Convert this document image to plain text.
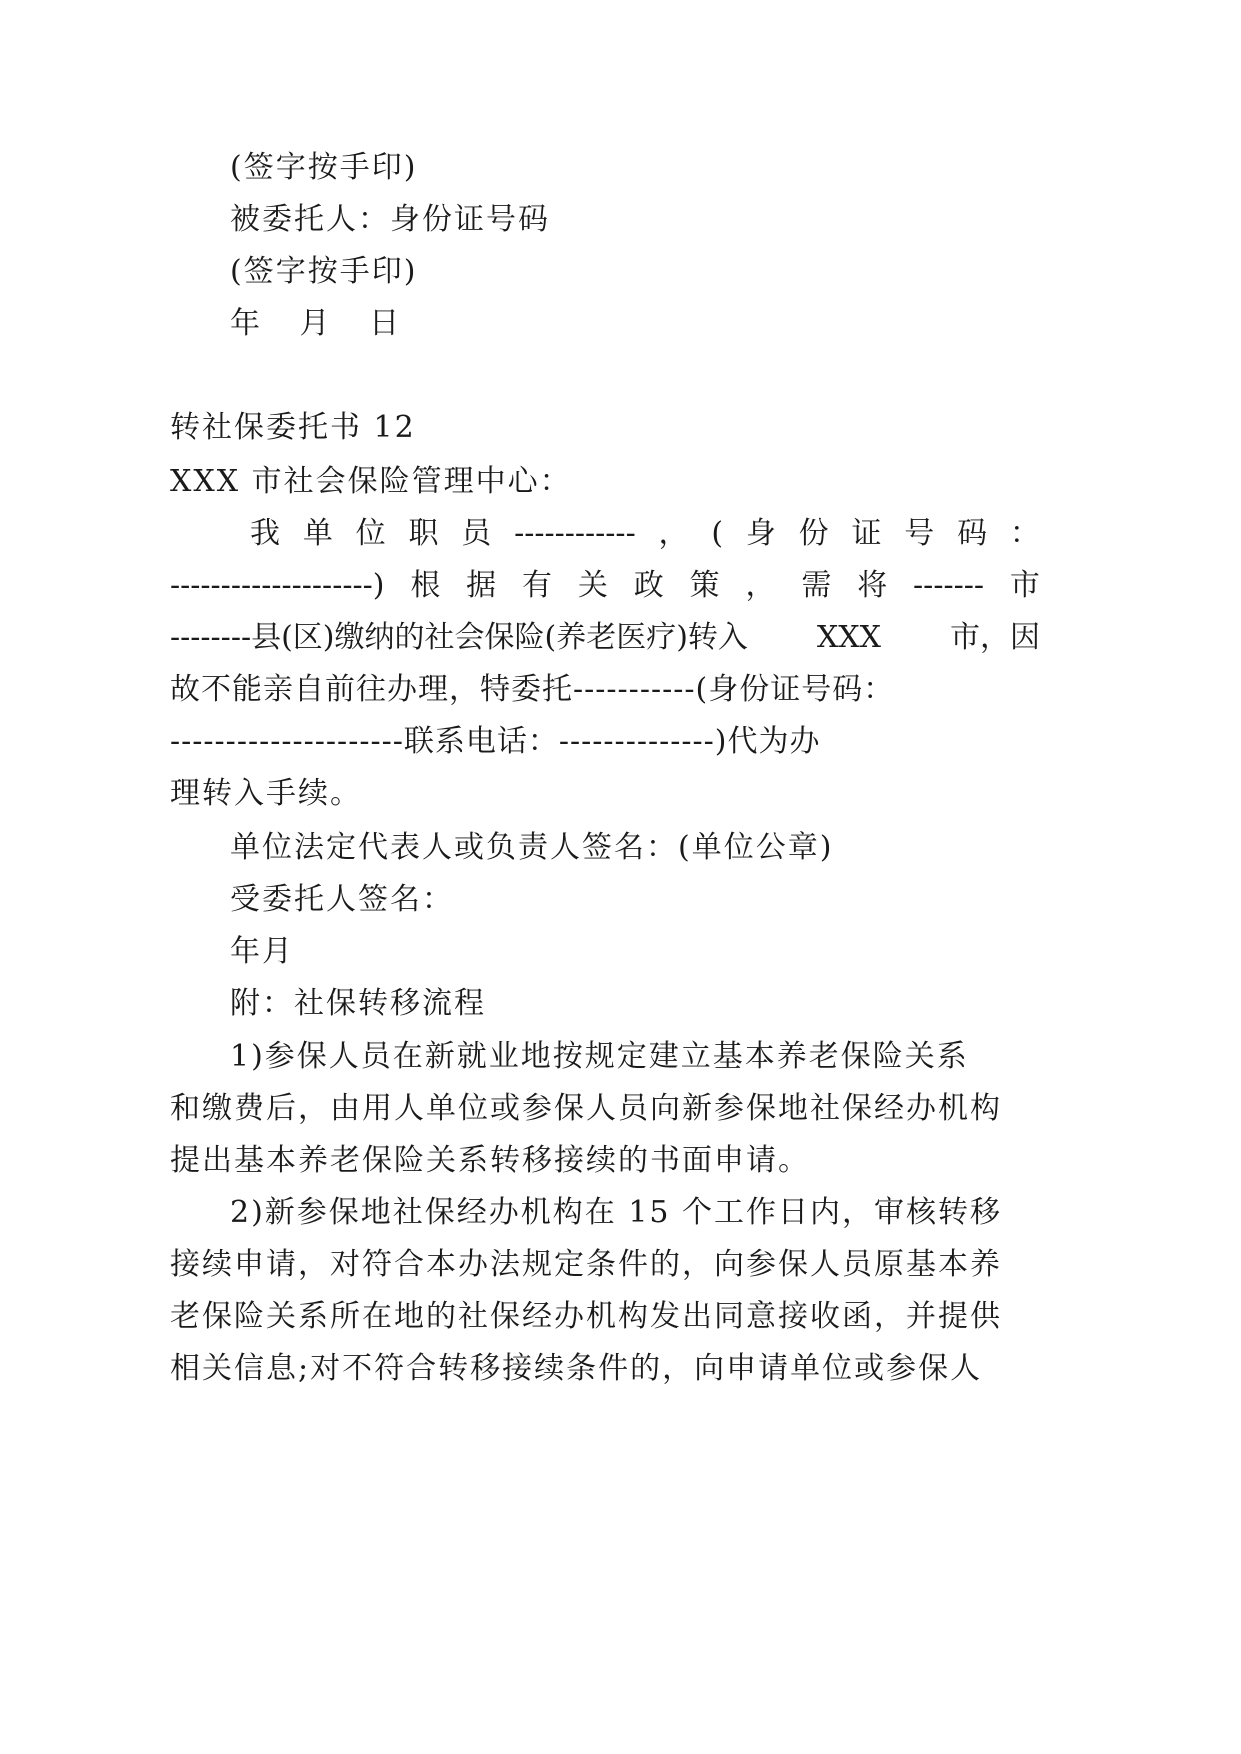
(签字按手印)
被委托人：身份证号码
(签字按手印)
年 月 日
转社保委托书 12
XXX 市社会保险管理中心：
我 单 位 职 员 ------------ ， ( 身 份 证 号 码 ：
--------------------) 根 据 有 关 政 策 ， 需 将 ------- 市
--------县(区)缴纳的社会保险(养老医疗)转入 XXX 市，因
故不能亲自前往办理，特委托-----------(身份证号码：
---------------------联系电话：--------------)代为办
理转入手续。
单位法定代表人或负责人签名：(单位公章)
受委托人签名：
年月
附：社保转移流程
1)参保人员在新就业地按规定建立基本养老保险关系
和缴费后，由用人单位或参保人员向新参保地社保经办机构
提出基本养老保险关系转移接续的书面申请。
2)新参保地社保经办机构在 15 个工作日内，审核转移
接续申请，对符合本办法规定条件的，向参保人员原基本养
老保险关系所在地的社保经办机构发出同意接收函，并提供
相关信息;对不符合转移接续条件的，向申请单位或参保人
